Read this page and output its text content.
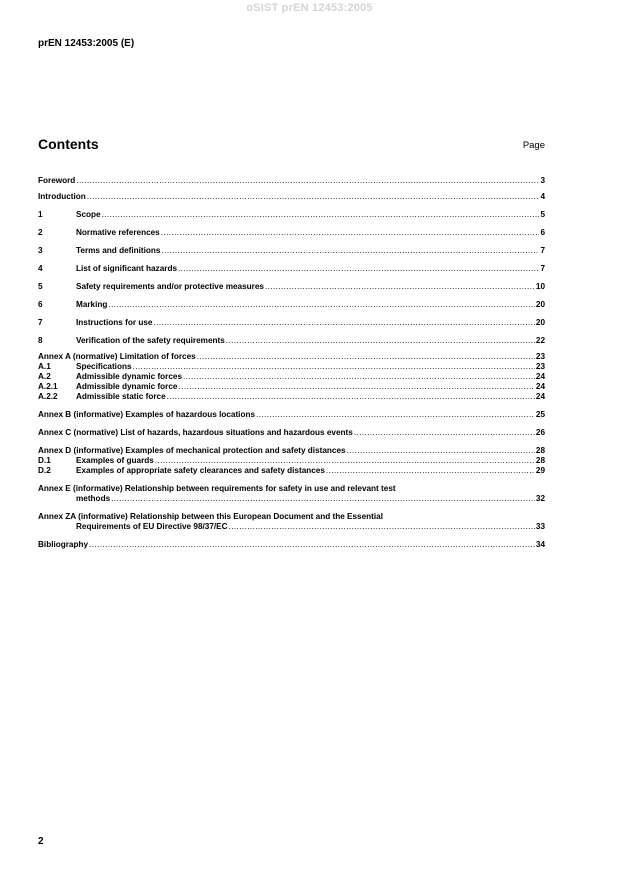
oSIST prEN 12453:2005
prEN 12453:2005 (E)
Contents	Page
Foreword .....	3
Introduction .....	4
1	Scope .....	5
2	Normative references .....	6
3	Terms and definitions .....	7
4	List of significant hazards .....	7
5	Safety requirements and/or protective measures .....	10
6	Marking .....	20
7	Instructions for use .....	20
8	Verification of the safety requirements .....	22
Annex A (normative) Limitation of forces .....	23
A.1	Specifications .....	23
A.2	Admissible dynamic forces .....	24
A.2.1	Admissible dynamic force .....	24
A.2.2	Admissible static force .....	24
Annex B (informative) Examples of hazardous locations .....	25
Annex C (normative) List of hazards, hazardous situations and hazardous events .....	26
Annex D (informative) Examples of mechanical protection and safety distances .....	28
D.1	Examples of guards .....	28
D.2	Examples of appropriate safety clearances and safety distances .....	29
Annex E (informative) Relationship between requirements for safety in use and relevant test
methods .....	32
Annex ZA (informative) Relationship between this European Document and the Essential
Requirements of EU Directive 98/37/EC .....	33
Bibliography .....	34
2
